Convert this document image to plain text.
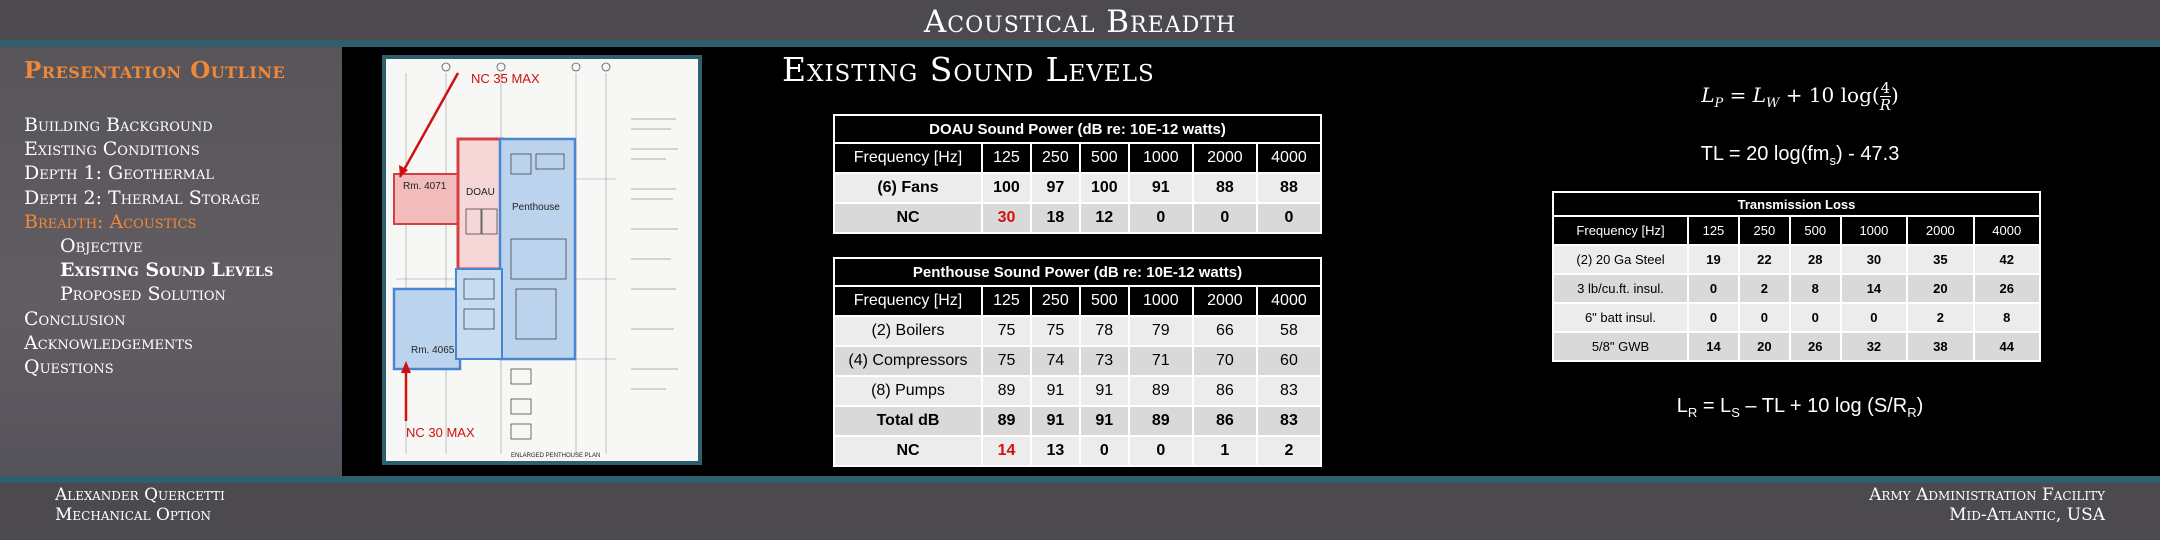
Acoustical Breadth
Presentation Outline
Building Background
Existing Conditions
Depth 1: Geothermal
Depth 2: Thermal Storage
Breadth: Acoustics
Objective
Existing Sound Levels
Proposed Solution
Conclusion
Acknowledgements
Questions
NC 35 MAX
NC 30 MAX
Rm. 4071
Rm. 4065
DOAU
Penthouse
ENLARGED PENTHOUSE PLAN
Existing Sound Levels
DOAU Sound Power (dB re: 10E-12 watts)						
Frequency [Hz]	125	250	500	1000	2000	4000
(6) Fans	100	97	100	91	88	88
NC	30	18	12	0	0	0
Penthouse Sound Power (dB re: 10E-12 watts)						
Frequency [Hz]	125	250	500	1000	2000	4000
(2) Boilers	75	75	78	79	66	58
(4) Compressors	75	74	73	71	70	60
(8) Pumps	89	91	91	89	86	83
Total dB	89	91	91	89	86	83
NC	14	13	0	0	1	2
$L_P = L_W + 10$ $\log( \frac{4}{R}$ )
TL = 20 $\log(fm_s) - 47.3$
Transmission Loss						
Frequency [Hz]	125	250	500	1000	2000	4000
(2) 20 Ga Steel	19	22	28	30	35	42
3 lb/cu.ft. insul.	0	2	8	14	20	26
6" batt insul.	0	0	0	0	2	8
5/8" GWB	14	20	26	32	38	44
$L_R = L_S$ – TL + 10 $\log (S/R_R)$
Alexander Quercetti
Mechanical Option
Army Administration Facility
Mid-Atlantic, USA
